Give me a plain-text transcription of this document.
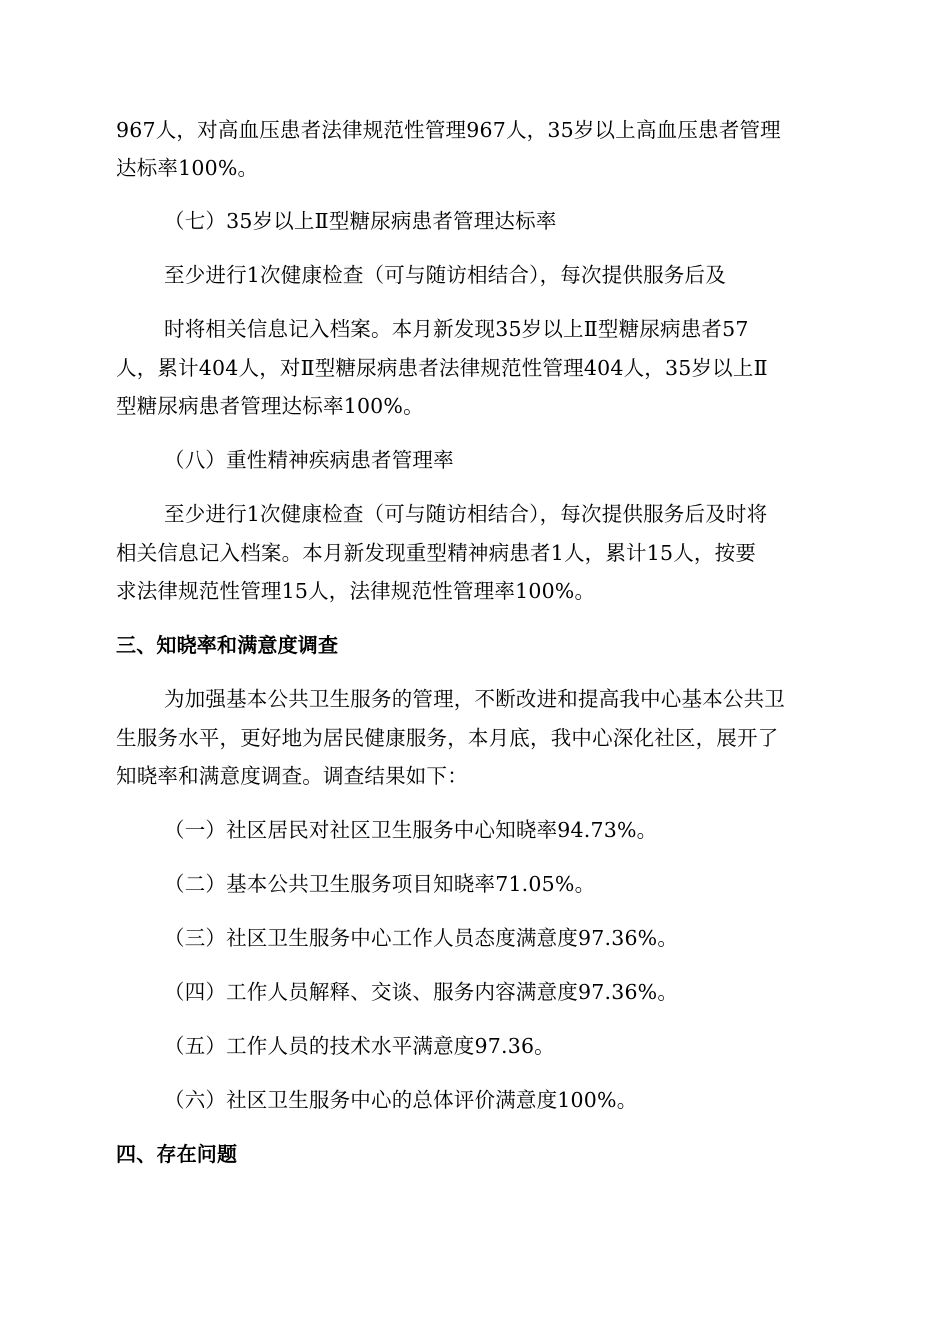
967人，对高血压患者法律规范性管理967人，35岁以上高血压患者管理
达标率100%。
（七）35岁以上Ⅱ型糖尿病患者管理达标率
至少进行1次健康检查（可与随访相结合），每次提供服务后及
时将相关信息记入档案。本月新发现35岁以上Ⅱ型糖尿病患者57
人，累计404人，对Ⅱ型糖尿病患者法律规范性管理404人，35岁以上Ⅱ
型糖尿病患者管理达标率100%。
（八）重性精神疾病患者管理率
至少进行1次健康检查（可与随访相结合），每次提供服务后及时将
相关信息记入档案。本月新发现重型精神病患者1人，累计15人，按要
求法律规范性管理15人，法律规范性管理率100%。
三、知晓率和满意度调查
为加强基本公共卫生服务的管理，不断改进和提高我中心基本公共卫
生服务水平，更好地为居民健康服务，本月底，我中心深化社区，展开了
知晓率和满意度调查。调查结果如下：
（一）社区居民对社区卫生服务中心知晓率94.73%。
（二）基本公共卫生服务项目知晓率71.05%。
（三）社区卫生服务中心工作人员态度满意度97.36%。
（四）工作人员解释、交谈、服务内容满意度97.36%。
（五）工作人员的技术水平满意度97.36。
（六）社区卫生服务中心的总体评价满意度100%。
四、存在问题
